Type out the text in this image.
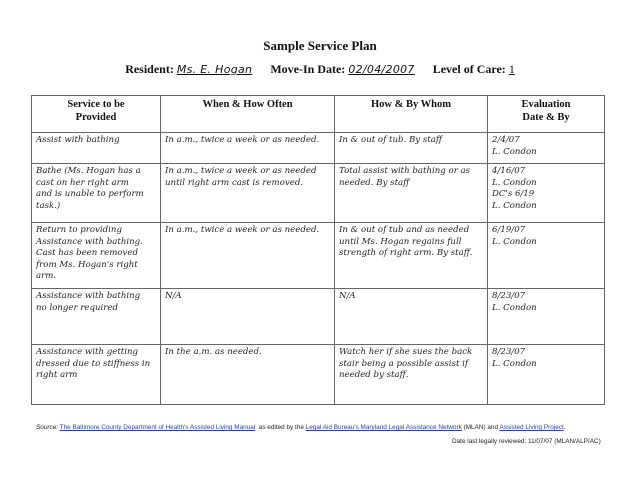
Sample Service Plan
Resident: Ms. E. Hogan Move-In Date: 02/04/2007 Level of Care: 1
Service to be
Provided	When & How Often	How & By Whom	Evaluation
Date & By

Assist with bathing	In a.m., twice a week or as needed.	In & out of tub. By staff	2/4/07
L. Condon

Bathe (Ms. Hogan has a
cast on her right arm
and is unable to perform
task.)	In a.m., twice a week or as needed
until right arm cast is removed.	Total assist with bathing or as
needed. By staff	4/16/07
L. Condon
DC's 6/19
L. Condon

Return to providing
Assistance with bathing.
Cast has been removed
from Ms. Hogan's right
arm.	In a.m., twice a week or as needed.	In & out of tub and as needed
until Ms. Hogan regains full
strength of right arm. By staff.	6/19/07
L. Condon

Assistance with bathing
no longer required	N/A	N/A	8/23/07
L. Condon

Assistance with getting
dressed due to stiffness in
right arm	In the a.m. as needed.	Watch her if she sues the back
stair being a possible assist if
needed by staff.	8/23/07
L. Condon
Source: The Baltimore County Department of Health's Assisted Living Manual  as edited by the Legal Aid Bureau's Maryland Legal Assistance Network (MLAN) and Assisted Living Project.
Date last legally reviewed: 11/07/07 (MLAN/ALP/AC)
